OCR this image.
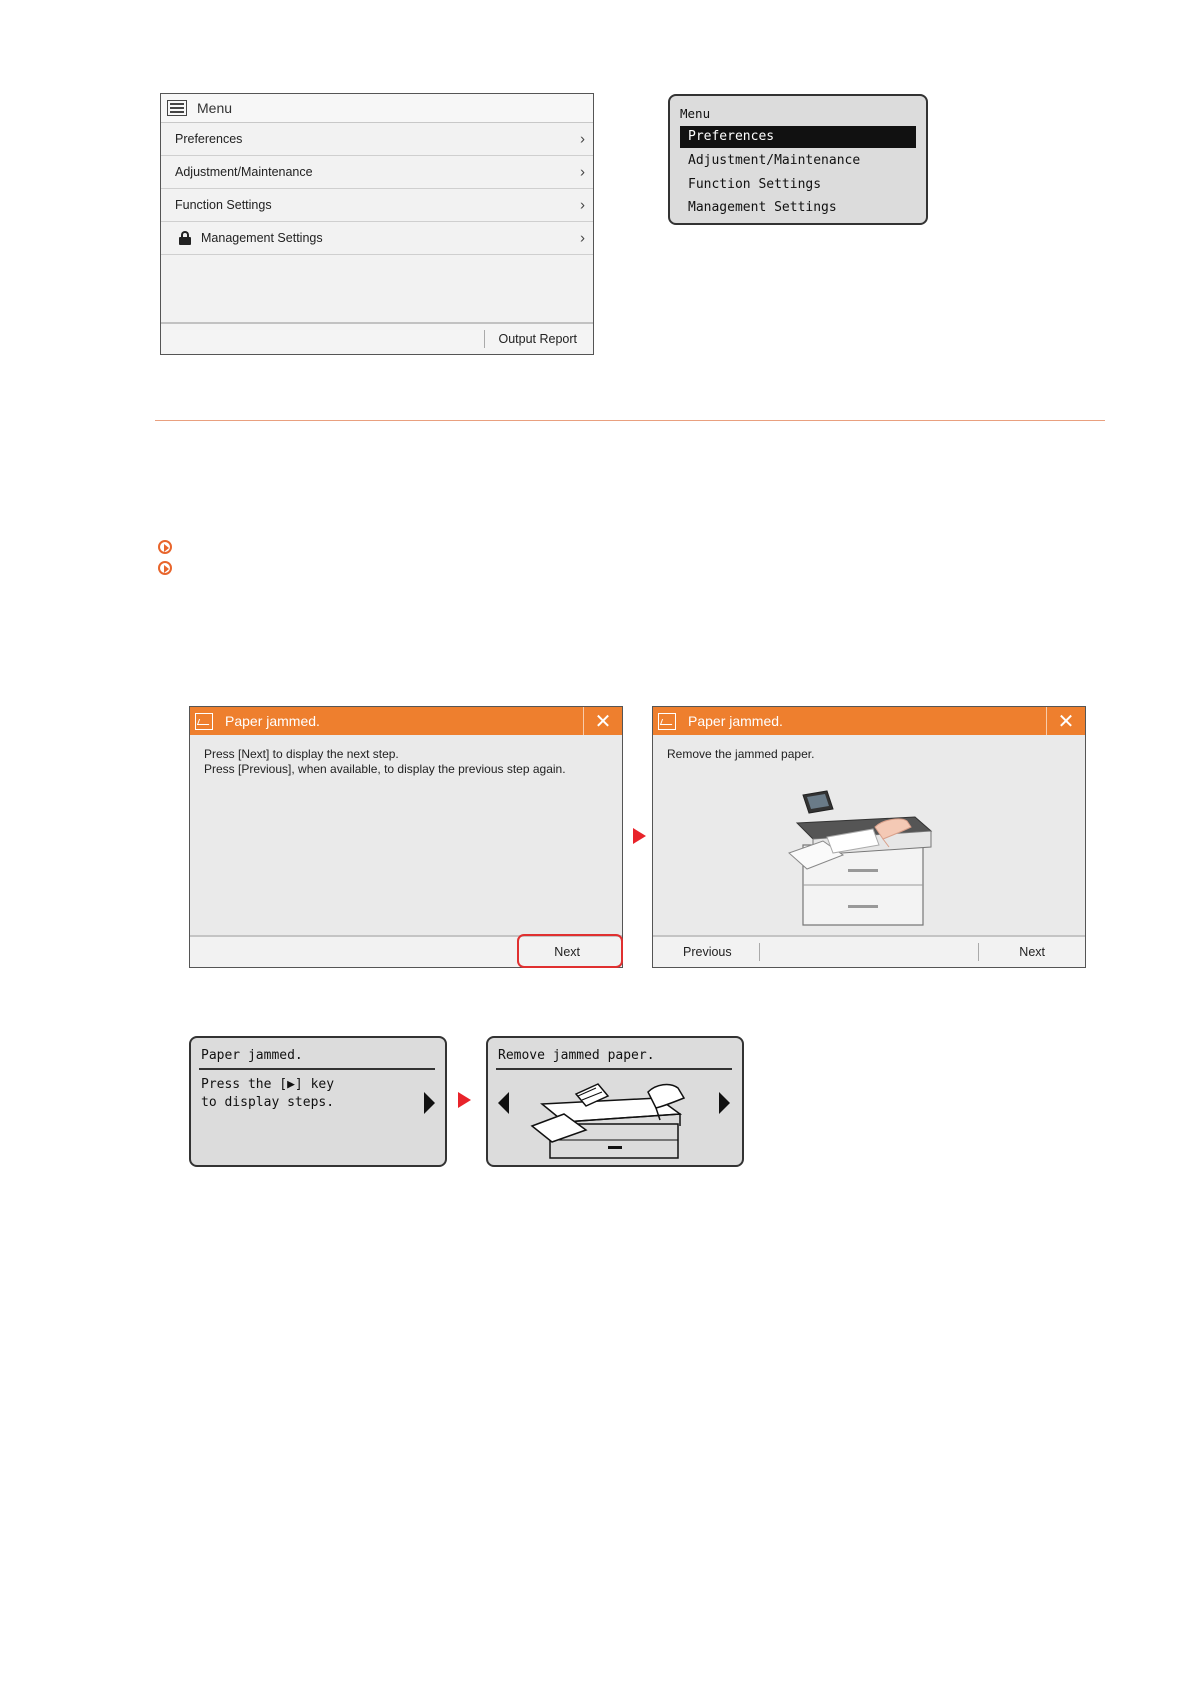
Menu
Preferences	›
Adjustment/Maintenance	›
Function Settings	›
Management Settings	›
Output Report
Menu
Preferences
Adjustment/Maintenance
Function Settings
Management Settings
Paper jammed.	✕
Press [Next] to display the next step.
Press [Previous], when available, to display the previous step again.
Next
Paper jammed.	✕
Remove the jammed paper.
Previous	Next
Paper jammed.
Press the [▶] key
to display steps.
Remove jammed paper.
